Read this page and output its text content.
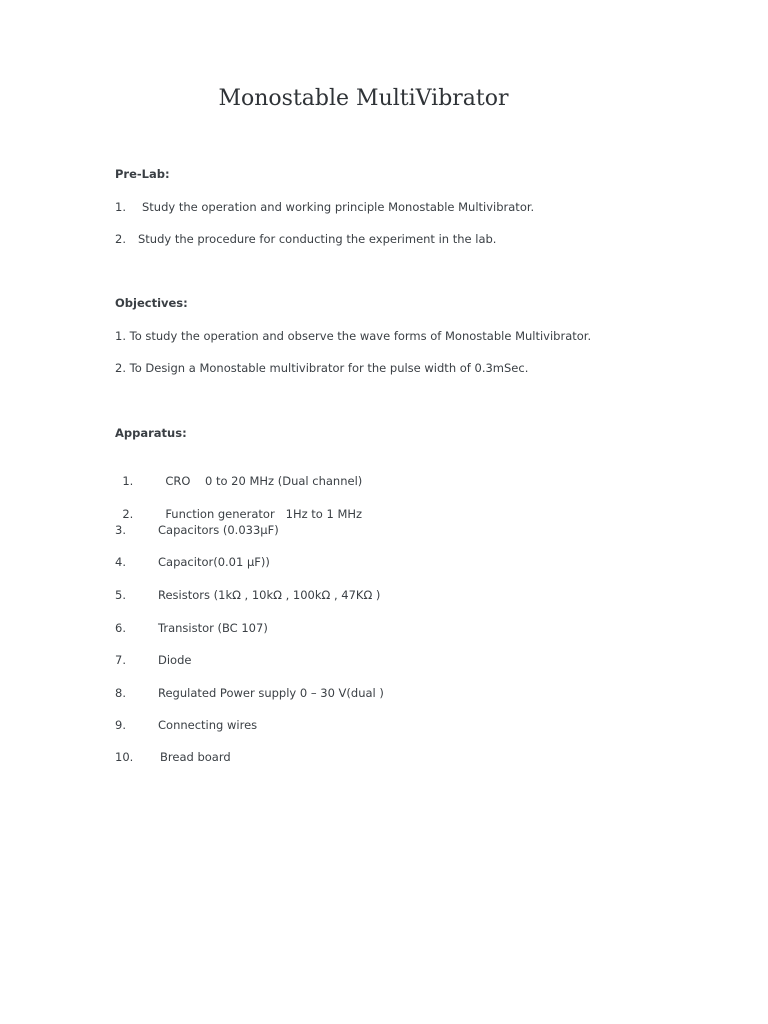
Monostable MultiVibrator
Pre-Lab:
1. Study the operation and working principle Monostable Multivibrator.
2. Study the procedure for conducting the experiment in the lab.
Objectives:
1. To study the operation and observe the wave forms of Monostable Multivibrator.
2. To Design a Monostable multivibrator for the pulse width of 0.3mSec.
Apparatus:

1.	CRO    0 to 20 MHz (Dual channel)

2.	Function generator   1Hz to 1 MHz

3.	Capacitors (0.033μF)
4.	Capacitor(0.01 μF))
5.	Resistors (1kΩ , 10kΩ , 100kΩ , 47KΩ )
6.	Transistor (BC 107)
7.	Diode
8.	Regulated Power supply 0 – 30 V(dual )
9.	Connecting wires
10. Bread board
